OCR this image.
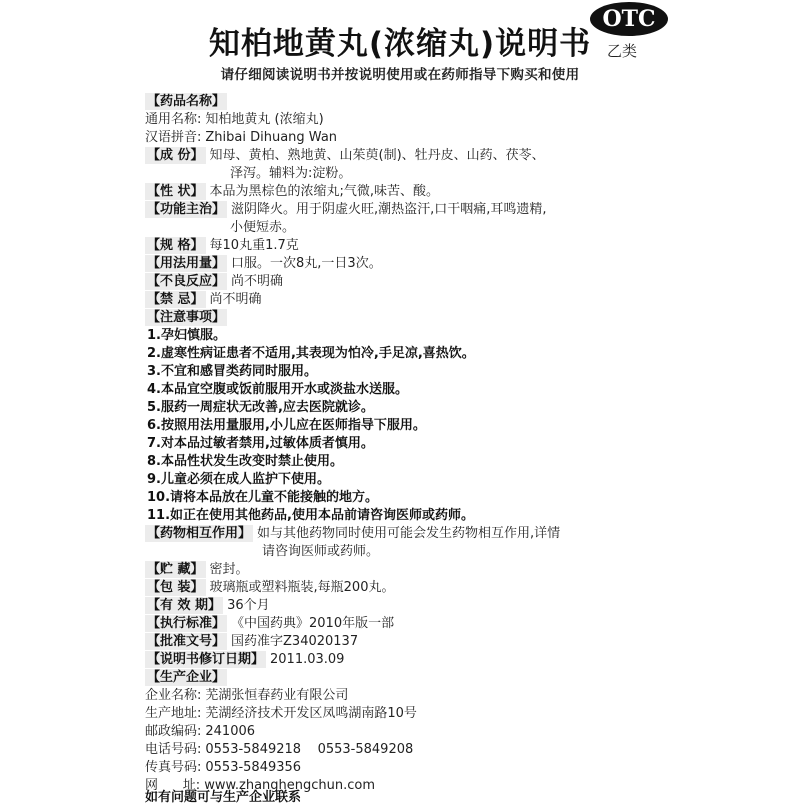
知柏地黄丸(浓缩丸)说明书
OTC
乙类
请仔细阅读说明书并按说明使用或在药师指导下购买和使用
【药品名称】
通用名称: 知柏地黄丸 (浓缩丸)
汉语拼音: Zhibai Dihuang Wan
【成 份】 知母、黄柏、熟地黄、山茱萸(制)、牡丹皮、山药、茯苓、
泽泻。辅料为:淀粉。
【性 状】 本品为黑棕色的浓缩丸;气微,味苦、酸。
【功能主治】 滋阴降火。用于阴虚火旺,潮热盗汗,口干咽痛,耳鸣遗精,
小便短赤。
【规 格】 每10丸重1.7克
【用法用量】 口服。一次8丸,一日3次。
【不良反应】 尚不明确
【禁 忌】 尚不明确
【注意事项】
1.孕妇慎服。
2.虚寒性病证患者不适用,其表现为怕冷,手足凉,喜热饮。
3.不宜和感冒类药同时服用。
4.本品宜空腹或饭前服用开水或淡盐水送服。
5.服药一周症状无改善,应去医院就诊。
6.按照用法用量服用,小儿应在医师指导下服用。
7.对本品过敏者禁用,过敏体质者慎用。
8.本品性状发生改变时禁止使用。
9.儿童必须在成人监护下使用。
10.请将本品放在儿童不能接触的地方。
11.如正在使用其他药品,使用本品前请咨询医师或药师。
【药物相互作用】 如与其他药物同时使用可能会发生药物相互作用,详情
请咨询医师或药师。
【贮 藏】 密封。
【包 装】 玻璃瓶或塑料瓶装,每瓶200丸。
【有 效 期】 36个月
【执行标准】 《中国药典》2010年版一部
【批准文号】 国药准字Z34020137
【说明书修订日期】 2011.03.09
【生产企业】
企业名称: 芜湖张恒春药业有限公司
生产地址: 芜湖经济技术开发区凤鸣湖南路10号
邮政编码: 241006
电话号码: 0553-5849218    0553-5849208
传真号码: 0553-5849356
网      址: www.zhanghengchun.com
如有问题可与生产企业联系
